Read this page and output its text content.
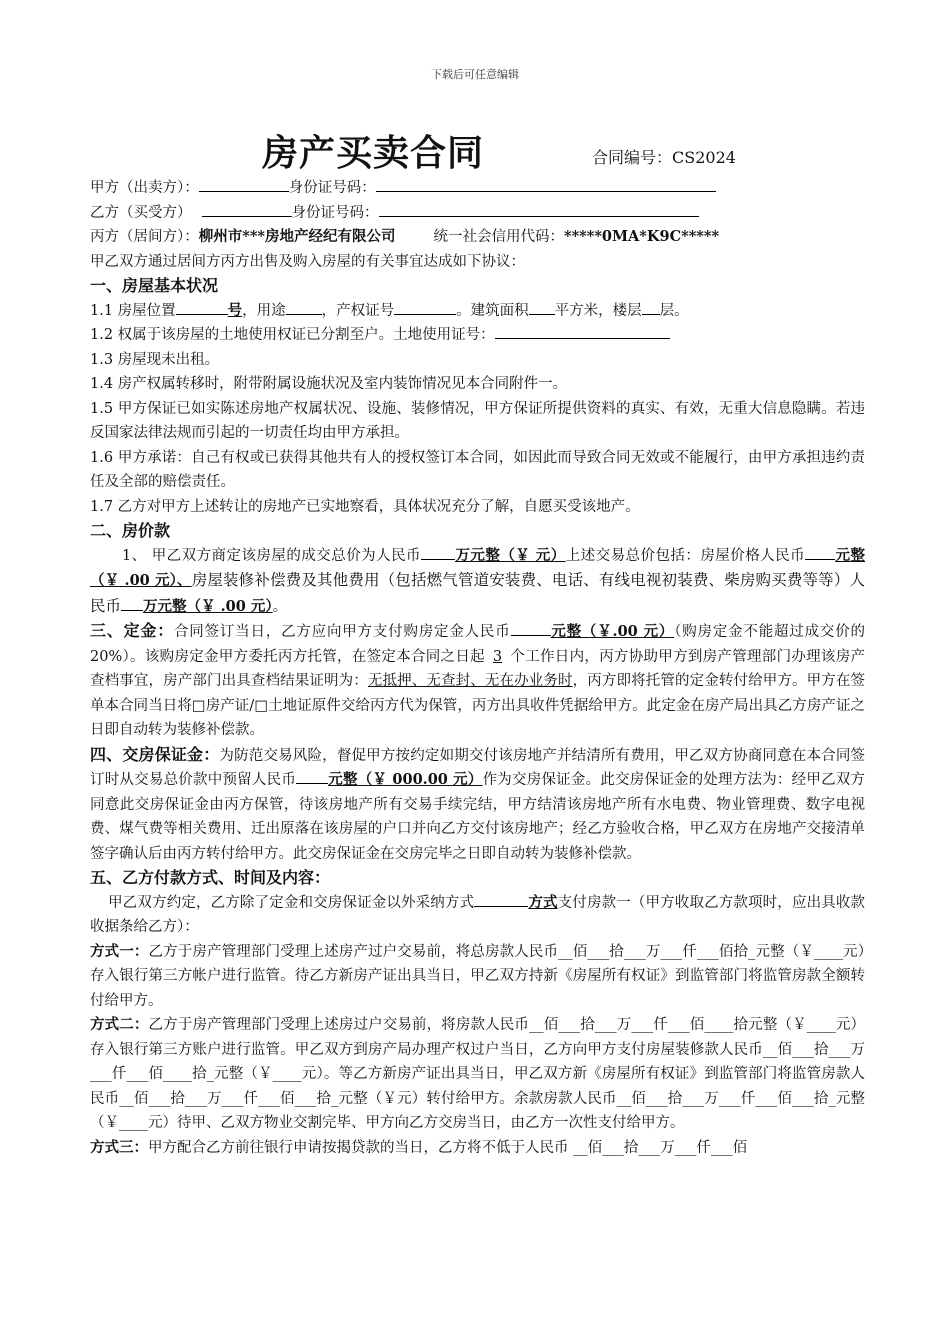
下载后可任意编辑
房产买卖合同	合同编号：CS2024
甲方（出卖方）：	身份证号码：
乙方（买受方）	身份证号码：
丙方（居间方）：柳州市***房地产经纪有限公司	统一社会信用代码：*****0MA*K9C*****
甲乙双方通过居间方丙方出售及购入房屋的有关事宜达成如下协议：
一、房屋基本状况
1.1 房屋位置	号，用途 ，产权证号	。建筑面积 平方米，楼层 层。
1.2 权属于该房屋的土地使用权证已分割至户。土地使用证号：
1.3 房屋现未出租。
1.4 房产权属转移时，附带附属设施状况及室内装饰情况见本合同附件一。
1.5 甲方保证已如实陈述房地产权属状况、设施、装修情况，甲方保证所提供资料的真实、有效，无重大信息隐瞒。若违反国家法律法规而引起的一切责任均由甲方承担。
1.6 甲方承诺：自己有权或已获得其他共有人的授权签订本合同，如因此而导致合同无效或不能履行，由甲方承担违约责任及全部的赔偿责任。
1.7 乙方对甲方上述转让的房地产已实地察看，具体状况充分了解，自愿买受该地产。
二、房价款
1、 甲乙双方商定该房屋的成交总价为人民币 万元整（￥ 元）上述交易总价包括：房屋价格人民币 元整（￥ .00 元）、房屋装修补偿费及其他费用（包括燃气管道安装费、电话、有线电视初装费、柴房购买费等等）人民币 万元整（￥ .00 元）。
三、定金：合同签订当日，乙方应向甲方支付购房定金人民币	元整（￥.00 元）（购房定金不能超过成交价的 20%）。该购房定金甲方委托丙方托管，在签定本合同之日起 3 个工作日内，丙方协助甲方到房产管理部门办理该房产查档事宜，房产部门出具查档结果证明为：无抵押、无查封、无在办业务时，丙方即将托管的定金转付给甲方。甲方在签单本合同当日将□房产证/□土地证原件交给丙方代为保管，丙方出具收件凭据给甲方。此定金在房产局出具乙方房产证之日即自动转为装修补偿款。
四、交房保证金：为防范交易风险，督促甲方按约定如期交付该房地产并结清所有费用，甲乙双方协商同意在本合同签订时从交易总价款中预留人民币 元整（￥ 000.00 元）作为交房保证金。此交房保证金的处理方法为：经甲乙双方同意此交房保证金由丙方保管，待该房地产所有交易手续完结，甲方结清该房地产所有水电费、物业管理费、数字电视费、煤气费等相关费用、迁出原落在该房屋的户口并向乙方交付该房地产；经乙方验收合格，甲乙双方在房地产交接清单签字确认后由丙方转付给甲方。此交房保证金在交房完毕之日即自动转为装修补偿款。
五、乙方付款方式、时间及内容：
甲乙双方约定，乙方除了定金和交房保证金以外采纳方式	方式支付房款一（甲方收取乙方款项时，应出具收款收据条给乙方）：
方式一：乙方于房产管理部门受理上述房产过户交易前，将总房款人民币__佰___拾___万___仟___佰拾_元整（￥____元）存入银行第三方帐户进行监管。待乙方新房产证出具当日，甲乙双方持新《房屋所有权证》到监管部门将监管房款全额转付给甲方。
方式二：乙方于房产管理部门受理上述房过户交易前，将房款人民币__佰___拾___万___仟___佰____拾元整（￥____元）存入银行第三方账户进行监管。甲乙双方到房产局办理产权过户当日，乙方向甲方支付房屋装修款人民币__佰___拾___万___仟___佰____拾_元整（￥____元）。等乙方新房产证出具当日，甲乙双方新《房屋所有权证》到监管部门将监管房款人民币__佰___拾___万___仟___佰___拾_元整（￥元）转付给甲方。余款房款人民币__佰___拾___万___仟___佰___拾_元整（￥____元）待甲、乙双方物业交割完毕、甲方向乙方交房当日，由乙方一次性支付给甲方。
方式三：甲方配合乙方前往银行申请按揭贷款的当日，乙方将不低于人民币 __佰___拾___万___仟___佰
